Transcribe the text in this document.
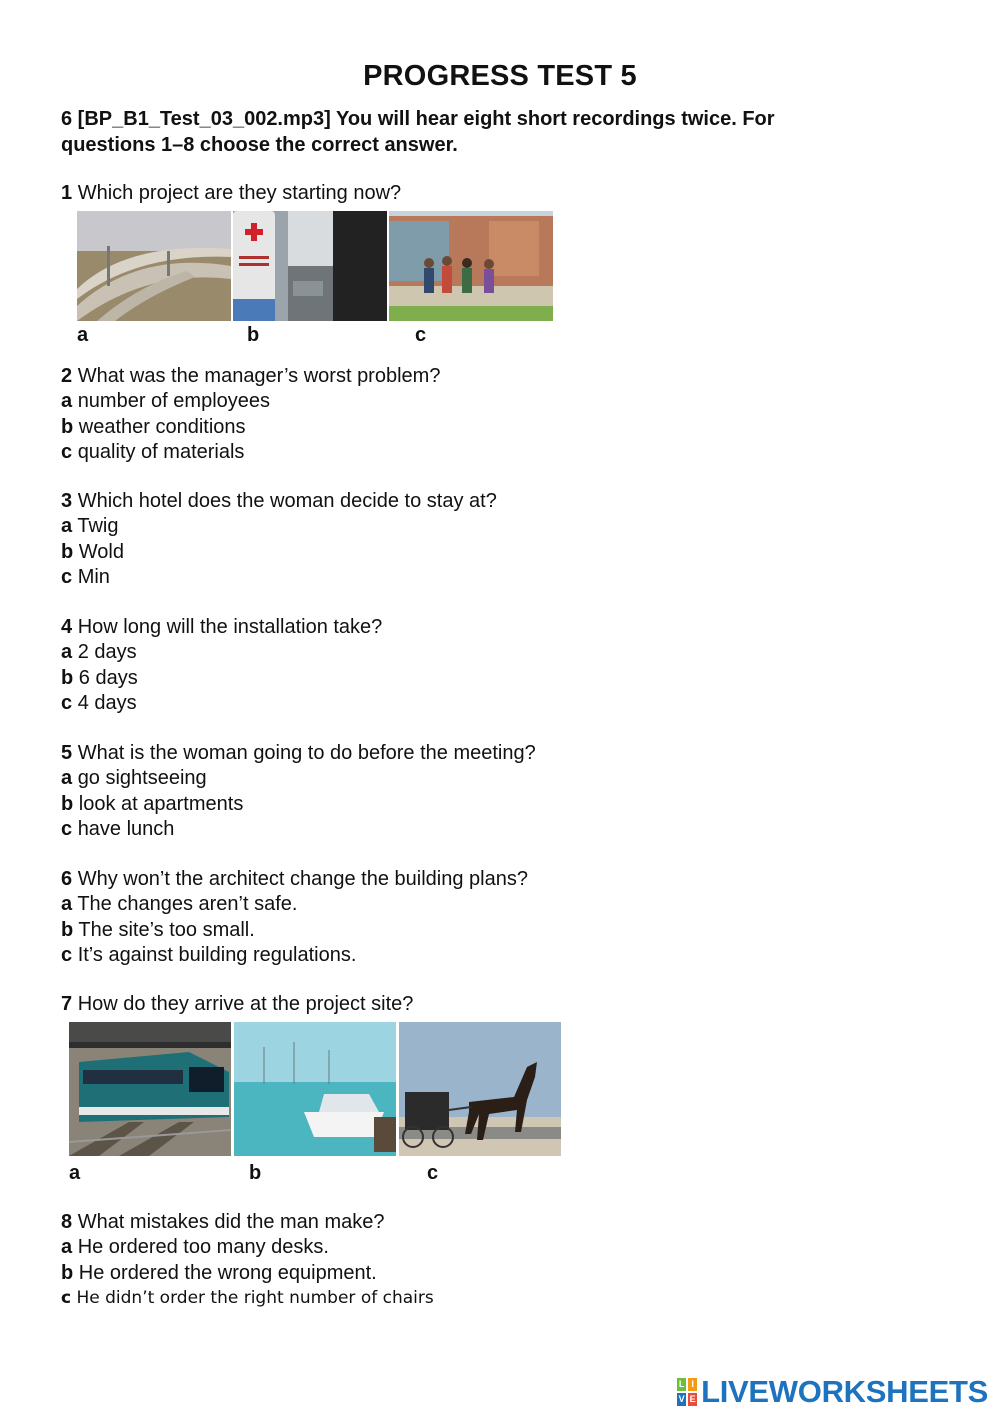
PROGRESS TEST 5
6 [BP_B1_Test_03_002.mp3] You will hear eight short recordings twice. For questions 1–8 choose the correct answer.
1 Which project are they starting now?
a	b	c
2 What was the manager’s worst problem?
a number of employees
b weather conditions
c quality of materials
3 Which hotel does the woman decide to stay at?
a Twig
b Wold
c Min
4 How long will the installation take?
a 2 days
b 6 days
c 4 days
5 What is the woman going to do before the meeting?
a go sightseeing
b look at apartments
c have lunch
6 Why won’t the architect change the building plans?
a The changes aren’t safe.
b The site’s too small.
c It’s against building regulations.
7 How do they arrive at the project site?
a	b	c
8 What mistakes did the man make?
a He ordered too many desks.
b He ordered the wrong equipment.
c He didn’t order the right number of chairs
L I
V E LIVEWORKSHEETS
